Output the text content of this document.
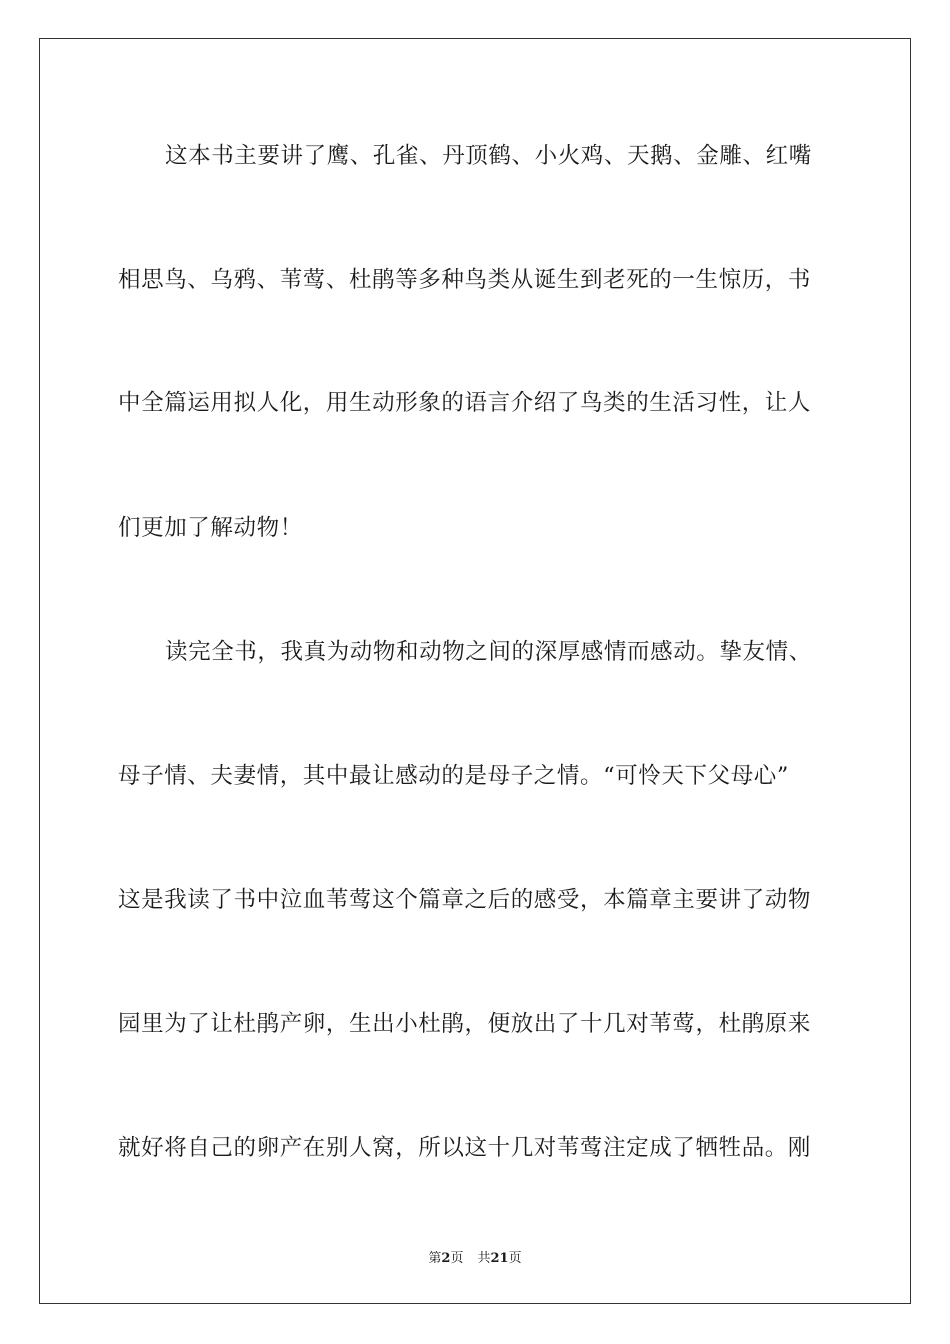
这本书主要讲了鹰、孔雀、丹顶鹤、小火鸡、天鹅、金雕、红嘴
相思鸟、乌鸦、苇莺、杜鹃等多种鸟类从诞生到老死的一生惊历，书
中全篇运用拟人化，用生动形象的语言介绍了鸟类的生活习性，让人
们更加了解动物！
读完全书，我真为动物和动物之间的深厚感情而感动。挚友情、
母子情、夫妻情，其中最让感动的是母子之情。“可怜天下父母心”
这是我读了书中泣血苇莺这个篇章之后的感受，本篇章主要讲了动物
园里为了让杜鹃产卵，生出小杜鹃，便放出了十几对苇莺，杜鹃原来
就好将自己的卵产在别人窝，所以这十几对苇莺注定成了牺牲品。刚
第2页 共21页
